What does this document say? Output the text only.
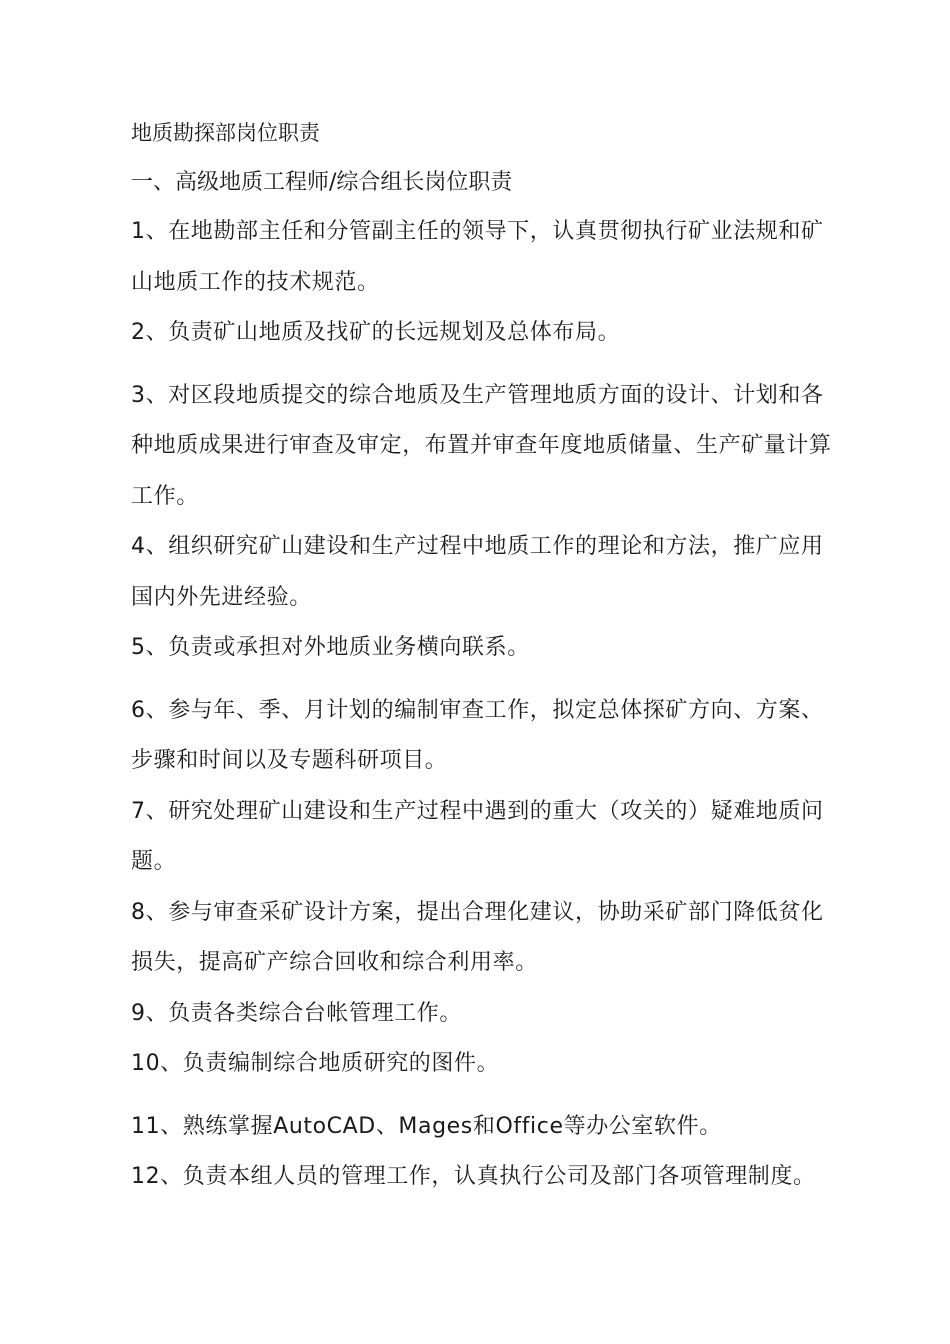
地质勘探部岗位职责
一、高级地质工程师/综合组长岗位职责

1、在地勘部主任和分管副主任的领导下，认真贯彻执行矿业法规和矿山地质工作的技术规范。

2、负责矿山地质及找矿的长远规划及总体布局。

3、对区段地质提交的综合地质及生产管理地质方面的设计、计划和各种地质成果进行审查及审定，布置并审查年度地质储量、生产矿量计算工作。

4、组织研究矿山建设和生产过程中地质工作的理论和方法，推广应用国内外先进经验。

5、负责或承担对外地质业务横向联系。

6、参与年、季、月计划的编制审查工作，拟定总体探矿方向、方案、步骤和时间以及专题科研项目。

7、研究处理矿山建设和生产过程中遇到的重大（攻关的）疑难地质问题。

8、参与审查采矿设计方案，提出合理化建议，协助采矿部门降低贫化损失，提高矿产综合回收和综合利用率。

9、负责各类综合台帐管理工作。

10、负责编制综合地质研究的图件。

11、熟练掌握AutoCAD、Mages和Office等办公室软件。

12、负责本组人员的管理工作，认真执行公司及部门各项管理制度。
